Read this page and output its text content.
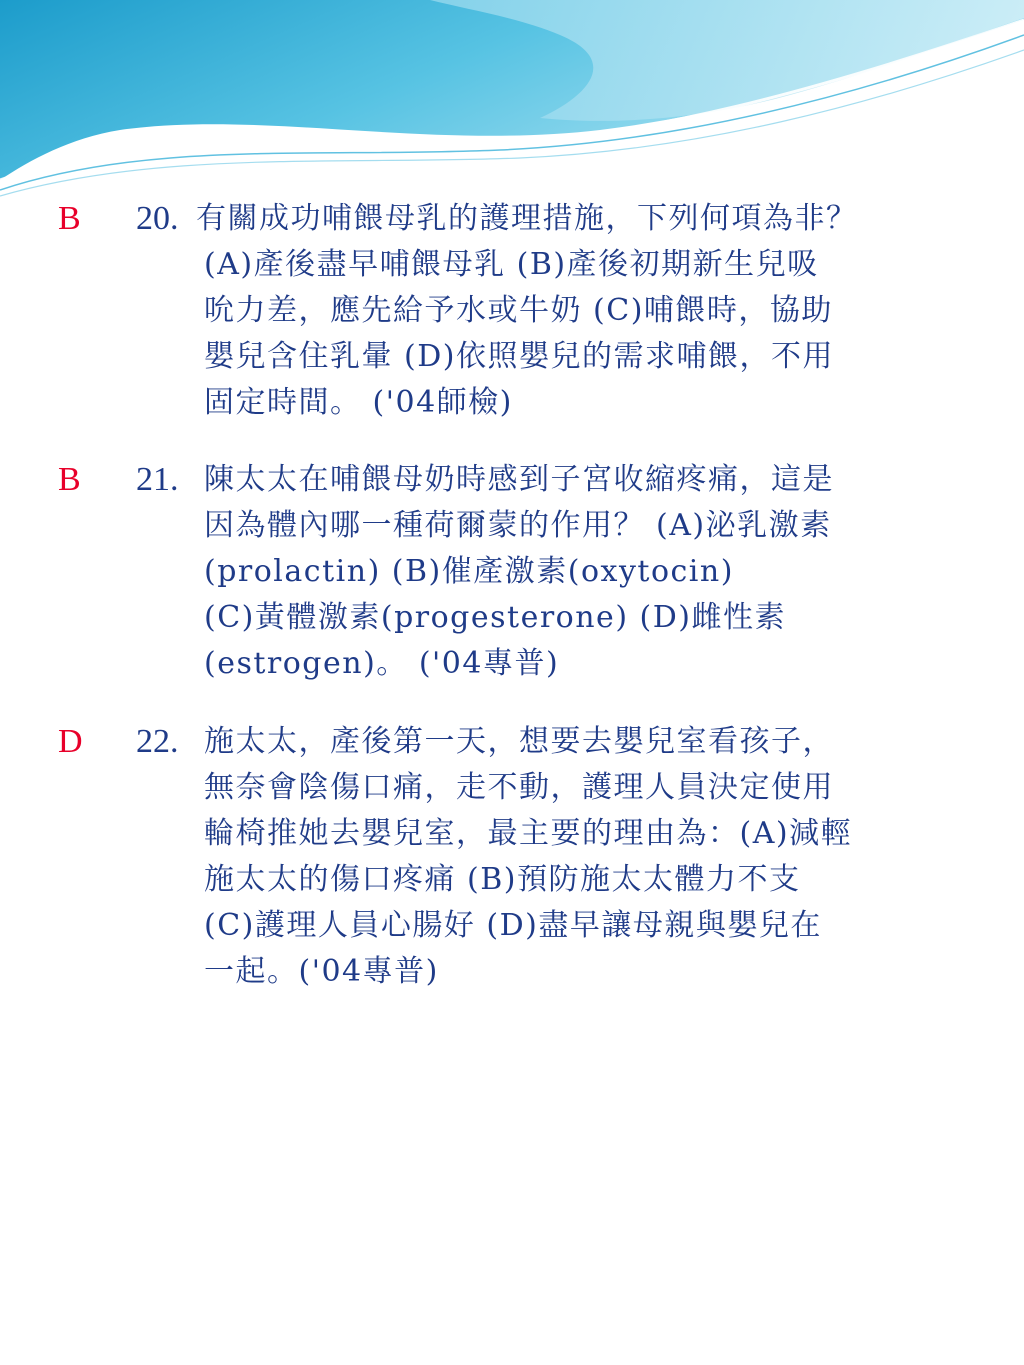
B 20. 有關成功哺餵母乳的護理措施，下列何項為非？
(A)產後盡早哺餵母乳 (B)產後初期新生兒吸
吮力差，應先給予水或牛奶 (C)哺餵時，協助
嬰兒含住乳暈 (D)依照嬰兒的需求哺餵，不用
固定時間。 ('04師檢)
B 21. 陳太太在哺餵母奶時感到子宮收縮疼痛，這是
因為體內哪一種荷爾蒙的作用？ (A)泌乳激素
(prolactin) (B)催產激素(oxytocin)
(C)黃體激素(progesterone) (D)雌性素
(estrogen)。 ('04專普)
D 22. 施太太，產後第一天，想要去嬰兒室看孩子，
無奈會陰傷口痛，走不動，護理人員決定使用
輪椅推她去嬰兒室，最主要的理由為：(A)減輕
施太太的傷口疼痛 (B)預防施太太體力不支
(C)護理人員心腸好 (D)盡早讓母親與嬰兒在
一起。('04專普)
